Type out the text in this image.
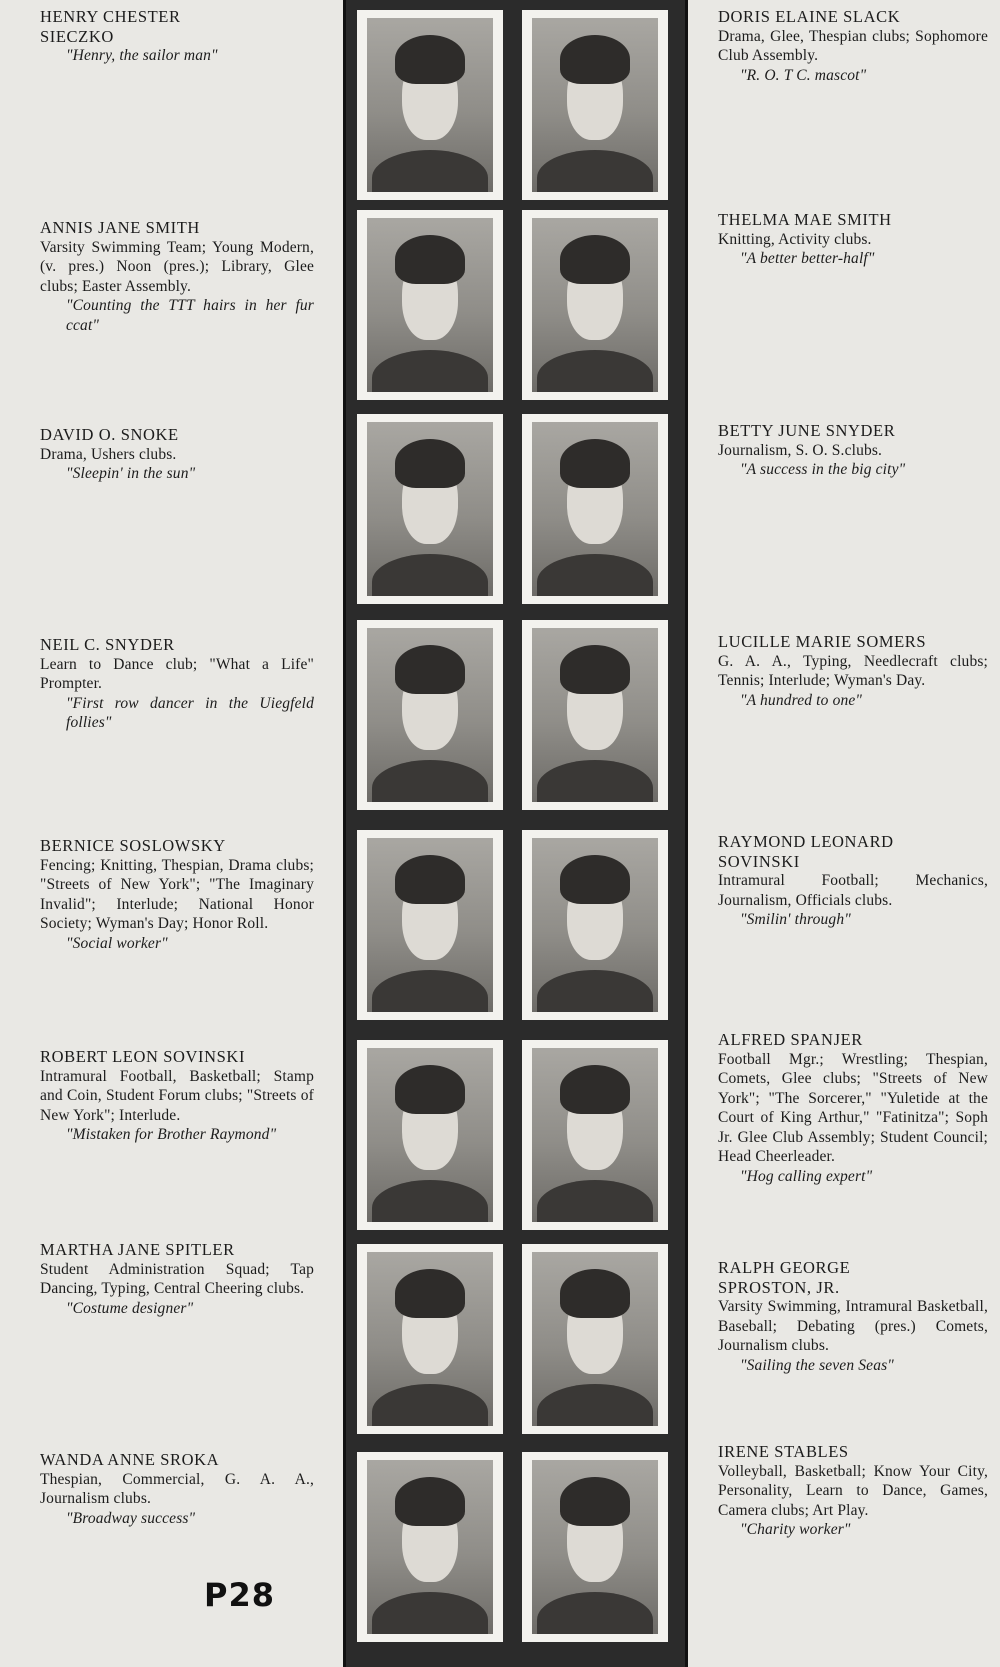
HENRY CHESTER
SIECZKO
"Henry, the sailor man"
ANNIS JANE SMITH
Varsity Swimming Team; Young Modern, (v. pres.) Noon (pres.); Library, Glee clubs; Easter Assembly.
"Counting the TTT hairs in her fur ccat"
DAVID O. SNOKE
Drama, Ushers clubs.
"Sleepin' in the sun"
NEIL C. SNYDER
Learn to Dance club; "What a Life" Prompter.
"First row dancer in the Uiegfeld follies"
BERNICE SOSLOWSKY
Fencing; Knitting, Thespian, Drama clubs; "Streets of New York"; "The Imaginary Invalid"; Interlude; National Honor Society; Wyman's Day; Honor Roll.
"Social worker"
ROBERT LEON SOVINSKI
Intramural Football, Basketball; Stamp and Coin, Student Forum clubs; "Streets of New York"; Interlude.
"Mistaken for Brother Raymond"
MARTHA JANE SPITLER
Student Administration Squad; Tap Dancing, Typing, Central Cheering clubs.
"Costume designer"
WANDA ANNE SROKA
Thespian, Commercial, G. A. A., Journalism clubs.
"Broadway success"
P28
DORIS ELAINE SLACK
Drama, Glee, Thespian clubs; Sophomore Club Assembly.
"R. O. T C. mascot"
THELMA MAE SMITH
Knitting, Activity clubs.
"A better better-half"
BETTY JUNE SNYDER
Journalism, S. O. S.clubs.
"A success in the big city"
LUCILLE MARIE SOMERS
G. A. A., Typing, Needlecraft clubs; Tennis; Interlude; Wyman's Day.
"A hundred to one"
RAYMOND LEONARD
SOVINSKI
Intramural Football; Mechanics, Journalism, Officials clubs.
"Smilin' through"
ALFRED SPANJER
Football Mgr.; Wrestling; Thespian, Comets, Glee clubs; "Streets of New York"; "The Sorcerer," "Yuletide at the Court of King Arthur," "Fatinitza"; Soph Jr. Glee Club Assembly; Student Council; Head Cheerleader.
"Hog calling expert"
RALPH GEORGE
SPROSTON, JR.
Varsity Swimming, Intramural Basketball, Baseball; Debating (pres.) Comets, Journalism clubs.
"Sailing the seven Seas"
IRENE STABLES
Volleyball, Basketball; Know Your City, Personality, Learn to Dance, Games, Camera clubs; Art Play.
"Charity worker"
